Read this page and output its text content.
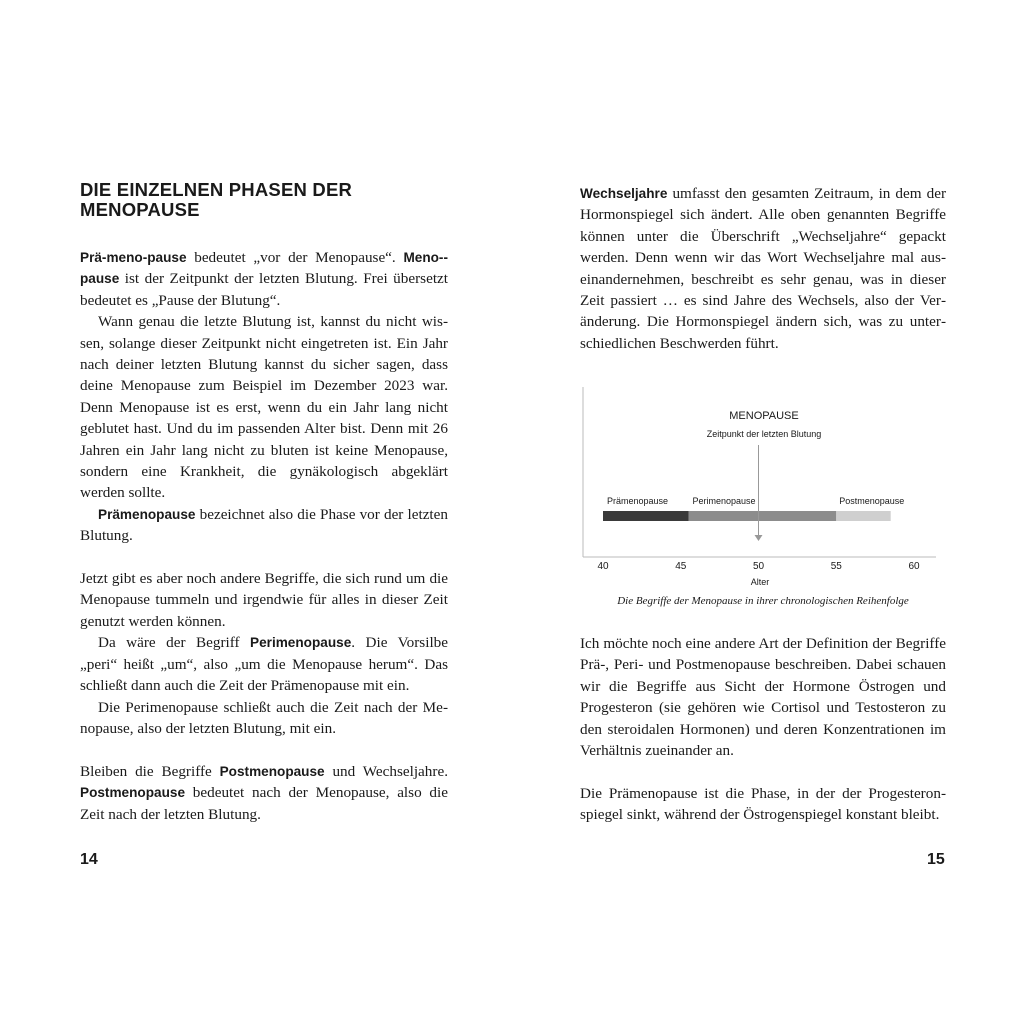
DIE EINZELNEN PHASEN DER
MENOPAUSE

Prä-meno-pause bedeutet „vor der Menopause“. Meno-pause ist der Zeitpunkt der letzten Blutung. Frei übersetzt bedeutet es „Pause der Blutung“.

Wann genau die letzte Blutung ist, kannst du nicht wissen, solange dieser Zeitpunkt nicht eingetreten ist. Ein Jahr nach deiner letzten Blutung kannst du sicher sagen, dass deine Menopause zum Beispiel im Dezember 2023 war. Denn Menopause ist es erst, wenn du ein Jahr lang nicht geblutet hast. Und du im passenden Alter bist. Denn mit 26 Jahren ein Jahr lang nicht zu bluten ist keine Menopause, sondern eine Krankheit, die gynäkologisch abgeklärt werden sollte.

Prämenopause bezeichnet also die Phase vor der letzten Blutung.

Jetzt gibt es aber noch andere Begriffe, die sich rund um die Menopause tummeln und irgendwie für alles in dieser Zeit genutzt werden können.

Da wäre der Begriff Perimenopause. Die Vorsilbe „peri“ heißt „um“, also „um die Menopause herum“. Das schließt dann auch die Zeit der Prämenopause mit ein.

Die Perimenopause schließt auch die Zeit nach der Menopause, also der letzten Blutung, mit ein.

Bleiben die Begriffe Postmenopause und Wechseljahre. Postmenopause bedeutet nach der Menopause, also die Zeit nach der letzten Blutung.

14

Wechseljahre umfasst den gesamten Zeitraum, in dem der Hormonspiegel sich ändert. Alle oben genannten Begriffe können unter die Überschrift „Wechseljahre“ gepackt werden. Denn wenn wir das Wort Wechseljahre mal auseinandernehmen, beschreibt es sehr genau, was in dieser Zeit passiert … es sind Jahre des Wechsels, also der Veränderung. Die Hormonspiegel ändern sich, was zu unterschiedlichen Beschwerden führt.

MENOPAUSE
Zeitpunkt der letzten Blutung
Prämenopause	Perimenopause	Postmenopause
40	45	50	55	60
Alter
Die Begriffe der Menopause in ihrer chronologischen Reihenfolge

Ich möchte noch eine andere Art der Definition der Begriffe Prä-, Peri- und Postmenopause beschreiben. Dabei schauen wir die Begriffe aus Sicht der Hormone Östrogen und Progesteron (sie gehören wie Cortisol und Testosteron zu den steroidalen Hormonen) und deren Konzentrationen im Verhältnis zueinander an.

Die Prämenopause ist die Phase, in der der Progesteronspiegel sinkt, während der Östrogenspiegel konstant bleibt.

15
